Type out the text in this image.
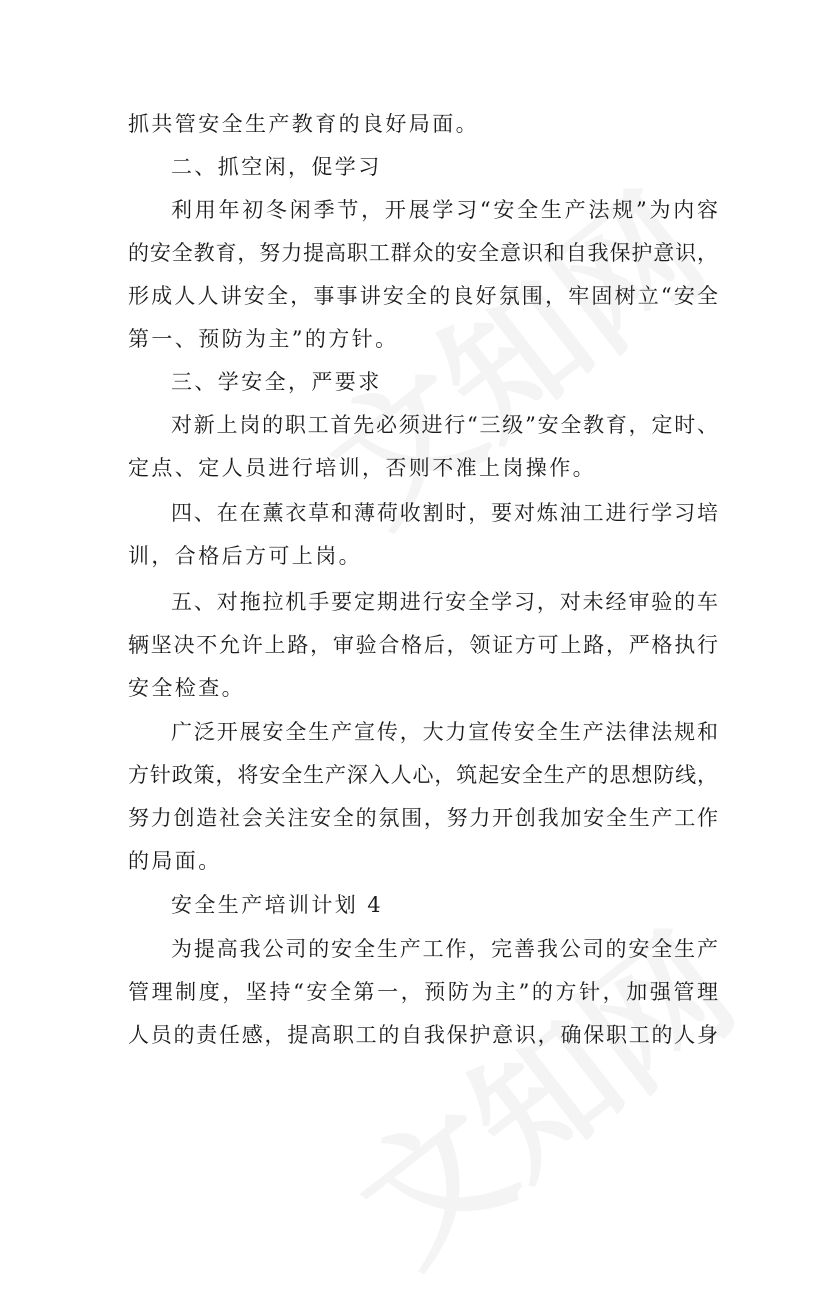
抓共管安全生产教育的良好局面。
二、抓空闲，促学习
利用年初冬闲季节，开展学习“安全生产法规”为内容
的安全教育，努力提高职工群众的安全意识和自我保护意识，
形成人人讲安全，事事讲安全的良好氛围，牢固树立“安全
第一、预防为主”的方针。
三、学安全，严要求
对新上岗的职工首先必须进行“三级”安全教育，定时、
定点、定人员进行培训，否则不准上岗操作。
四、在在薰衣草和薄荷收割时，要对炼油工进行学习培
训，合格后方可上岗。
五、对拖拉机手要定期进行安全学习，对未经审验的车
辆坚决不允许上路，审验合格后，领证方可上路，严格执行
安全检查。
广泛开展安全生产宣传，大力宣传安全生产法律法规和
方针政策，将安全生产深入人心，筑起安全生产的思想防线，
努力创造社会关注安全的氛围，努力开创我加安全生产工作
的局面。
安全生产培训计划 4
为提高我公司的安全生产工作，完善我公司的安全生产
管理制度，坚持“安全第一，预防为主”的方针，加强管理
人员的责任感，提高职工的自我保护意识，确保职工的人身
